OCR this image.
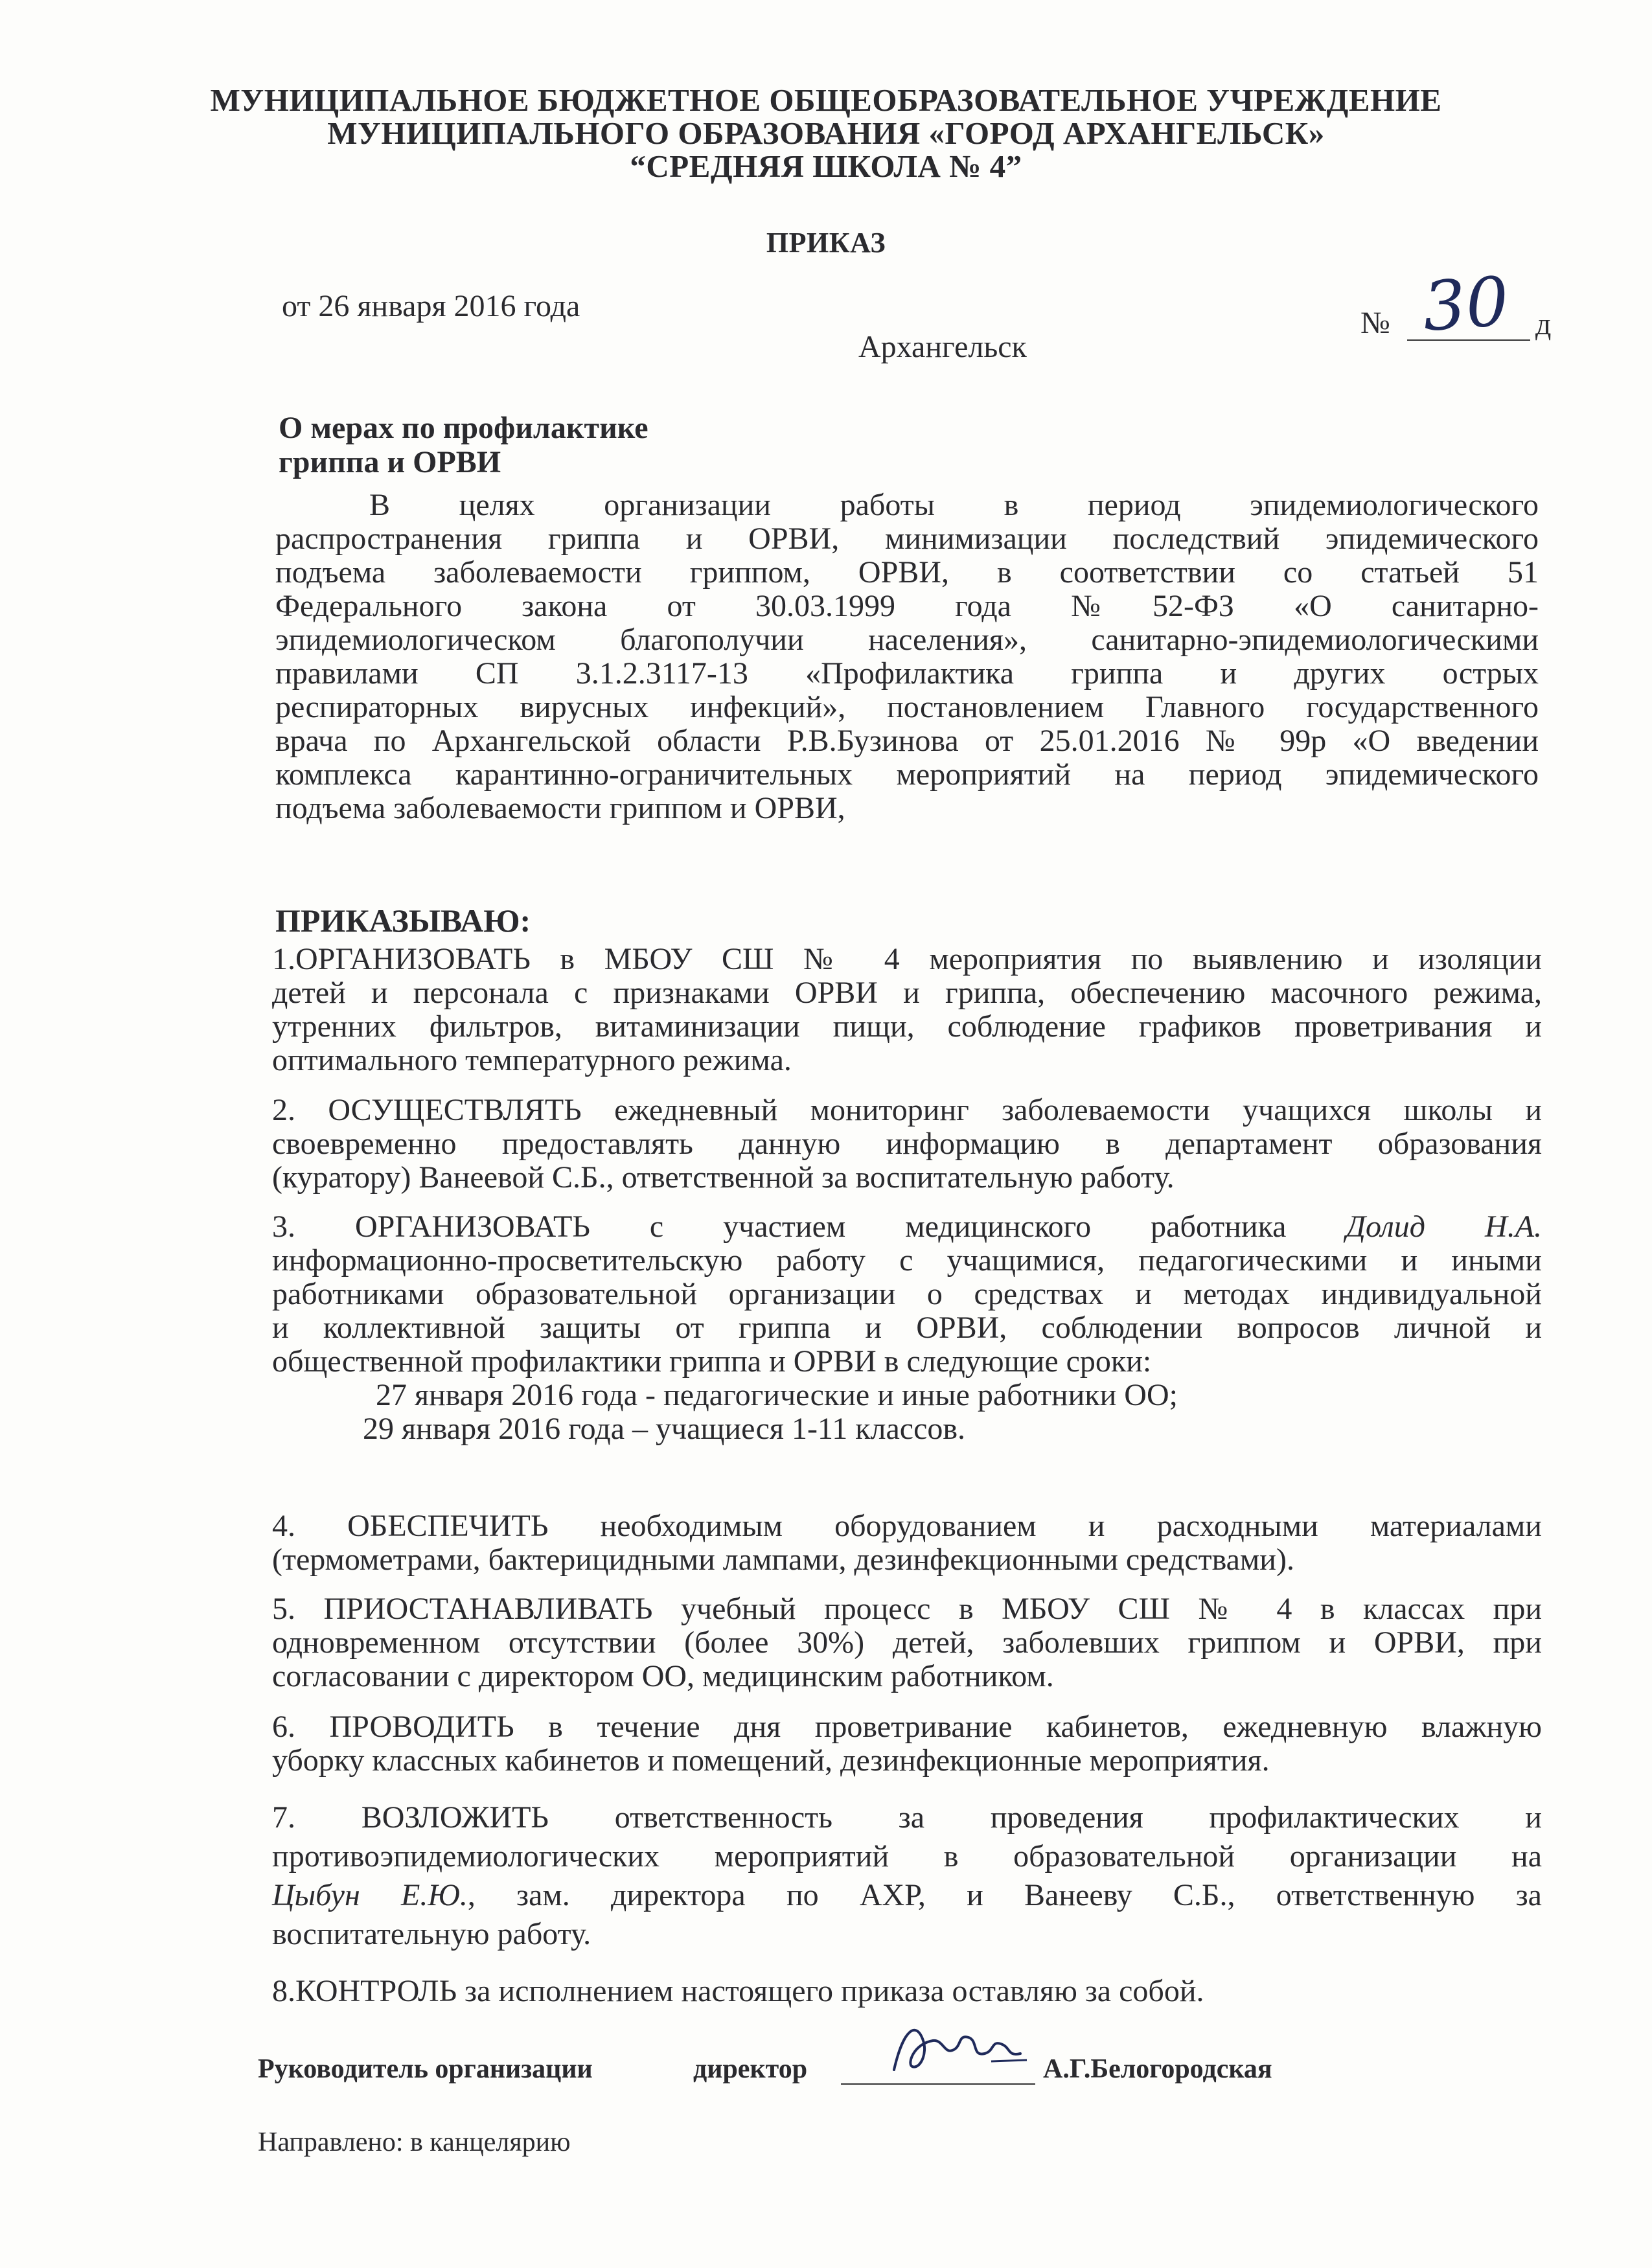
МУНИЦИПАЛЬНОЕ БЮДЖЕТНОЕ ОБЩЕОБРАЗОВАТЕЛЬНОЕ УЧРЕЖДЕНИЕ
МУНИЦИПАЛЬНОГО ОБРАЗОВАНИЯ «ГОРОД АРХАНГЕЛЬСК»
“СРЕДНЯЯ ШКОЛА № 4”
ПРИКАЗ
от 26 января 2016 года	№ 30 д
Архангельск
О мерах по профилактике
гриппа и ОРВИ
В целях организации работы в период эпидемиологического
распространения гриппа и ОРВИ, минимизации последствий эпидемического
подъема заболеваемости гриппом, ОРВИ, в соответствии со статьей 51
Федерального закона от 30.03.1999 года №52-ФЗ «О санитарно-
эпидемиологическом благополучии населения», санитарно-эпидемиологическими
правилами СП 3.1.2.3117-13 «Профилактика гриппа и других острых
респираторных вирусных инфекций», постановлением Главного государственного
врача по Архангельской области Р.В.Бузинова от 25.01.2016 № 99р «О введении
комплекса карантинно-ограничительных мероприятий на период эпидемического
подъема заболеваемости гриппом и ОРВИ,
ПРИКАЗЫВАЮ:
1.ОРГАНИЗОВАТЬ в МБОУ СШ № 4 мероприятия по выявлению и изоляции
детей и персонала с признаками ОРВИ и гриппа, обеспечению масочного режима,
утренних фильтров, витаминизации пищи, соблюдение графиков проветривания и
оптимального температурного режима.
2. ОСУЩЕСТВЛЯТЬ ежедневный мониторинг заболеваемости учащихся школы и
своевременно предоставлять данную информацию в департамент образования
(куратору) Ванеевой С.Б., ответственной за воспитательную работу.
3. ОРГАНИЗОВАТЬ с участием медицинского работника Долид Н.А.
информационно-просветительскую работу с учащимися, педагогическими и иными
работниками образовательной организации о средствах и методах индивидуальной
и коллективной защиты от гриппа и ОРВИ, соблюдении вопросов личной и
общественной профилактики гриппа и ОРВИ в следующие сроки:
27 января 2016 года - педагогические и иные работники ОО;
29 января 2016 года – учащиеся 1-11 классов.
4. ОБЕСПЕЧИТЬ необходимым оборудованием и расходными материалами
(термометрами, бактерицидными лампами, дезинфекционными средствами).
5. ПРИОСТАНАВЛИВАТЬ учебный процесс в МБОУ СШ № 4 в классах при
одновременном отсутствии (более 30%) детей, заболевших гриппом и ОРВИ, при
согласовании с директором ОО, медицинским работником.
6. ПРОВОДИТЬ в течение дня проветривание кабинетов, ежедневную влажную
уборку классных кабинетов и помещений, дезинфекционные мероприятия.
7. ВОЗЛОЖИТЬ ответственность за проведения профилактических и
противоэпидемиологических мероприятий в образовательной организации на
Цыбун Е.Ю., зам. директора по АХР, и Ванееву С.Б., ответственную за
воспитательную работу.
8.КОНТРОЛЬ за исполнением настоящего приказа оставляю за собой.
Руководитель организации	директор	А.Г.Белогородская
Направлено: в канцелярию
